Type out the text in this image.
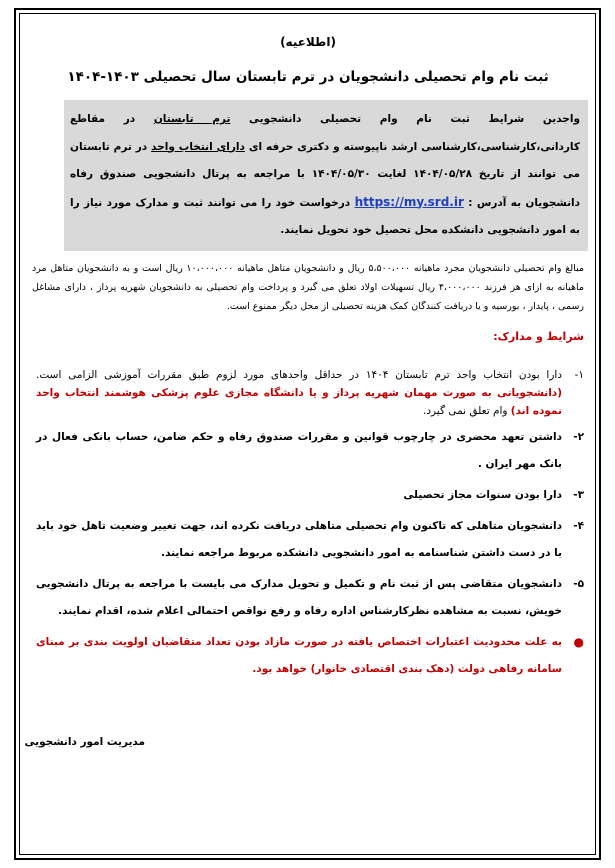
(اطلاعیه)
ثبت نام وام تحصیلی دانشجویان در ترم تابستان سال تحصیلی ۱۴۰۳-۱۴۰۴
واجدین شرایط ثبت نام وام تحصیلی دانشجویی ترم تابستان در مقاطع کاردانی،کارشناسی،کارشناسی ارشد ناپیوسته و دکتری حرفه ای دارای انتخاب واحد در ترم تابستان می توانند از تاریخ ۱۴۰۴/۰۵/۲۸ لغایت ۱۴۰۴/۰۵/۳۰ با مراجعه به پرتال دانشجویی صندوق رفاه دانشجویان به آدرس : https://my.srd.ir درخواست خود را می توانند ثبت و مدارک مورد نیاز را به امور دانشجویی دانشکده محل تحصیل خود تحویل نمایند.
مبالغ وام تحصیلی دانشجویان مجرد ماهیانه ۵،۵۰۰،۰۰۰ ریال و دانشجویان متاهل ماهیانه ۱۰،۰۰۰،۰۰۰ ریال است و به دانشجویان متاهل مرد ماهیانه به ازای هر فرزند ۴،۰۰۰،۰۰۰ ریال تسهیلات اولاد تعلق می گیرد و پرداخت وام تحصیلی به دانشجویان شهریه پرداز ، دارای مشاغل رسمی ، پایدار ، بورسیه و یا دریافت کنندگان کمک هزینه تحصیلی از محل دیگر ممنوع است.
شرایط و مدارک:
۱-
دارا بودن انتخاب واحد ترم تابستان ۱۴۰۴ در حداقل واحدهای مورد لزوم طبق مقررات آموزشی الزامی است. (دانشجویانی به صورت مهمان شهریه پرداز و یا دانشگاه مجازی علوم پزشکی هوشمند انتخاب واحد نموده اند) وام تعلق نمی گیرد.
۲-
داشتن تعهد محضری در چارچوب قوانین و مقررات صندوق رفاه و حکم ضامن، حساب بانکی فعال در بانک مهر ایران .
۳-
دارا بودن سنوات مجاز تحصیلی
۴-
دانشجویان متاهلی که تاکنون وام تحصیلی متاهلی دریافت نکرده اند، جهت تغییر وضعیت تاهل خود باید با در دست داشتن شناسنامه به امور دانشجویی دانشکده مربوط مراجعه نمایند.
۵-
دانشجویان متقاضی پس از ثبت نام و تکمیل و تحویل مدارک می بایست با مراجعه به پرتال دانشجویی خویش، نسبت به مشاهده نظرکارشناس اداره رفاه و رفع نواقص احتمالی اعلام شده، اقدام نمایند.
●
به علت محدودیت اعتبارات اختصاص یافته در صورت مازاد بودن تعداد متقاضیان اولویت بندی بر مبنای سامانه رفاهی دولت (دهک بندی اقتصادی خانوار) خواهد بود.
مدیریت امور دانشجویی
